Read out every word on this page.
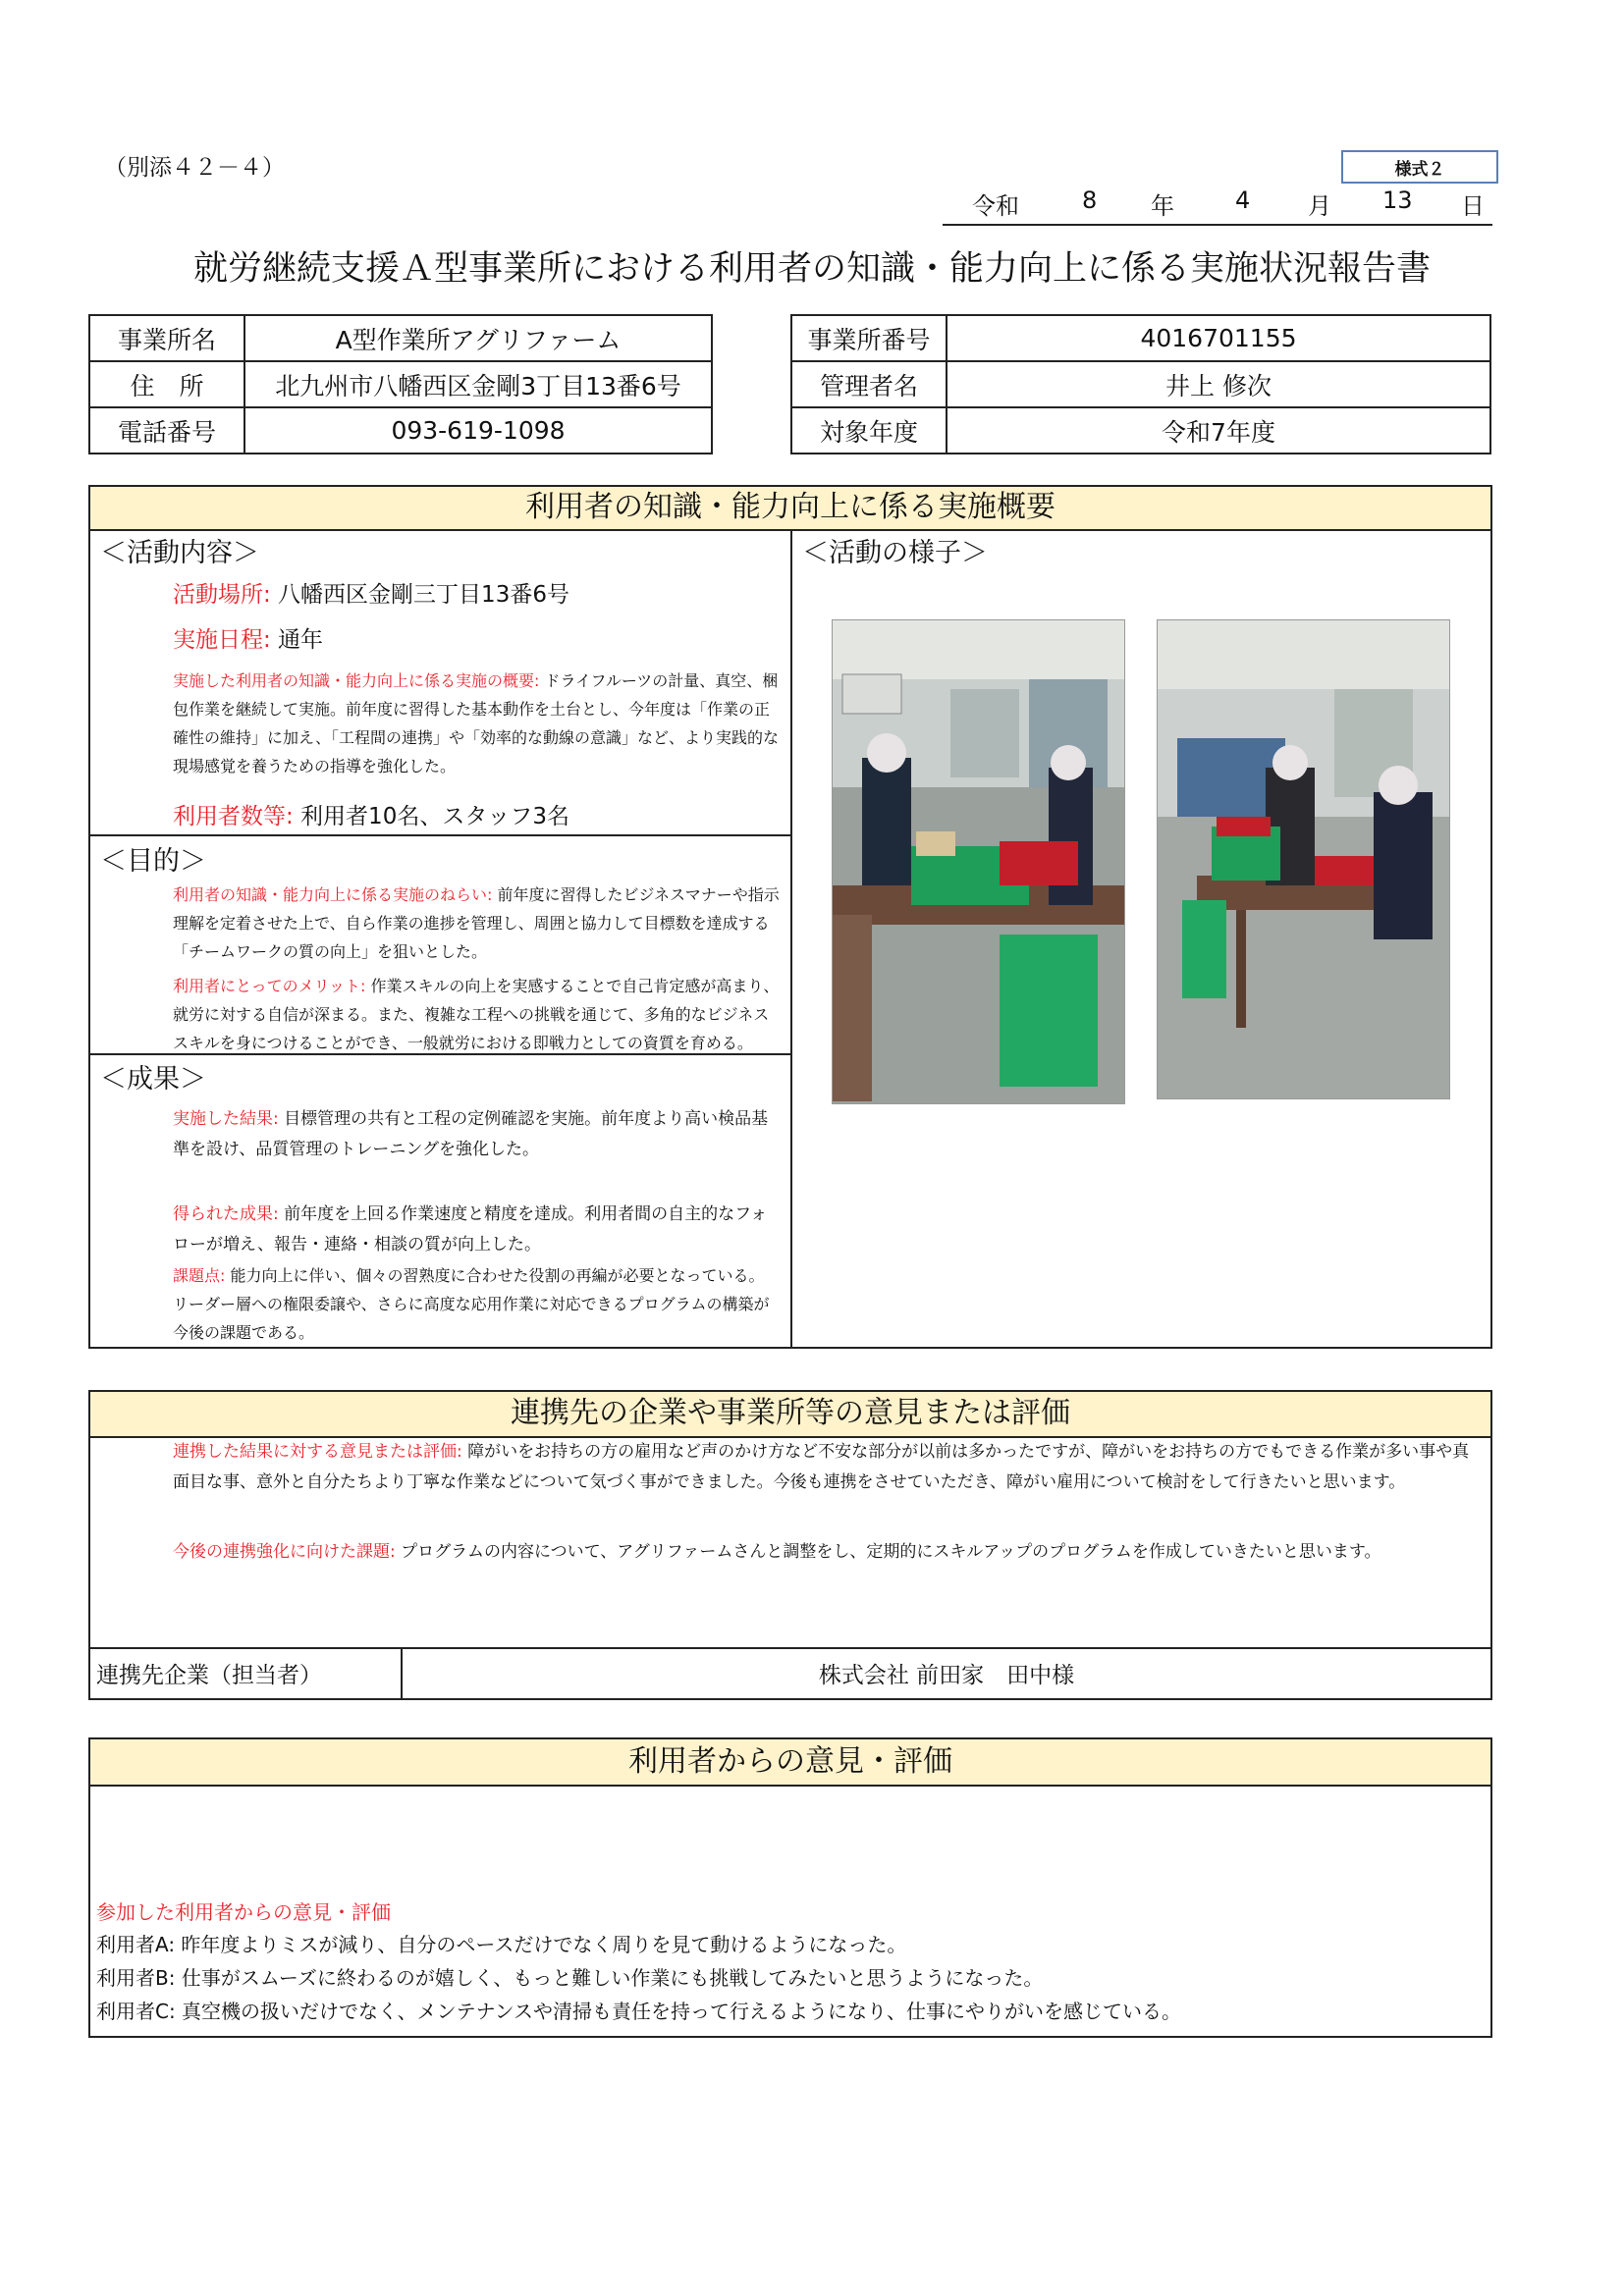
（別添４２－４）	様式２
令和	8 年	4 月 13 日
就労継続支援Ａ型事業所における利用者の知識・能力向上に係る実施状況報告書
事業所名	A型作業所アグリファーム
住　所	北九州市八幡西区金剛3丁目13番6号
電話番号	093-619-1098
事業所番号	4016701155
管理者名	井上 修次
対象年度	令和7年度
利用者の知識・能力向上に係る実施概要
＜活動内容＞
活動場所: 八幡西区金剛三丁目13番6号
実施日程: 通年
実施した利用者の知識・能力向上に係る実施の概要: ドライフルーツの計量、真空、梱包作業を継続して実施。前年度に習得した基本動作を土台とし、今年度は「作業の正確性の維持」に加え、「工程間の連携」や「効率的な動線の意識」など、より実践的な現場感覚を養うための指導を強化した。
利用者数等: 利用者10名、スタッフ3名
＜目的＞
利用者の知識・能力向上に係る実施のねらい: 前年度に習得したビジネスマナーや指示理解を定着させた上で、自ら作業の進捗を管理し、周囲と協力して目標数を達成する「チームワークの質の向上」を狙いとした。
利用者にとってのメリット: 作業スキルの向上を実感することで自己肯定感が高まり、就労に対する自信が深まる。また、複雑な工程への挑戦を通じて、多角的なビジネススキルを身につけることができ、一般就労における即戦力としての資質を育める。
＜成果＞
実施した結果: 目標管理の共有と工程の定例確認を実施。前年度より高い検品基準を設け、品質管理のトレーニングを強化した。
得られた成果: 前年度を上回る作業速度と精度を達成。利用者間の自主的なフォローが増え、報告・連絡・相談の質が向上した。
課題点: 能力向上に伴い、個々の習熟度に合わせた役割の再編が必要となっている。リーダー層への権限委譲や、さらに高度な応用作業に対応できるプログラムの構築が今後の課題である。
＜活動の様子＞
連携先の企業や事業所等の意見または評価
連携した結果に対する意見または評価: 障がいをお持ちの方の雇用など声のかけ方など不安な部分が以前は多かったですが、障がいをお持ちの方でもできる作業が多い事や真面目な事、意外と自分たちより丁寧な作業などについて気づく事ができました。今後も連携をさせていただき、障がい雇用について検討をして行きたいと思います。
今後の連携強化に向けた課題: プログラムの内容について、アグリファームさんと調整をし、定期的にスキルアップのプログラムを作成していきたいと思います。
連携先企業（担当者）	株式会社 前田家　田中様
利用者からの意見・評価
参加した利用者からの意見・評価
利用者A: 昨年度よりミスが減り、自分のペースだけでなく周りを見て動けるようになった。
利用者B: 仕事がスムーズに終わるのが嬉しく、もっと難しい作業にも挑戦してみたいと思うようになった。
利用者C: 真空機の扱いだけでなく、メンテナンスや清掃も責任を持って行えるようになり、仕事にやりがいを感じている。
